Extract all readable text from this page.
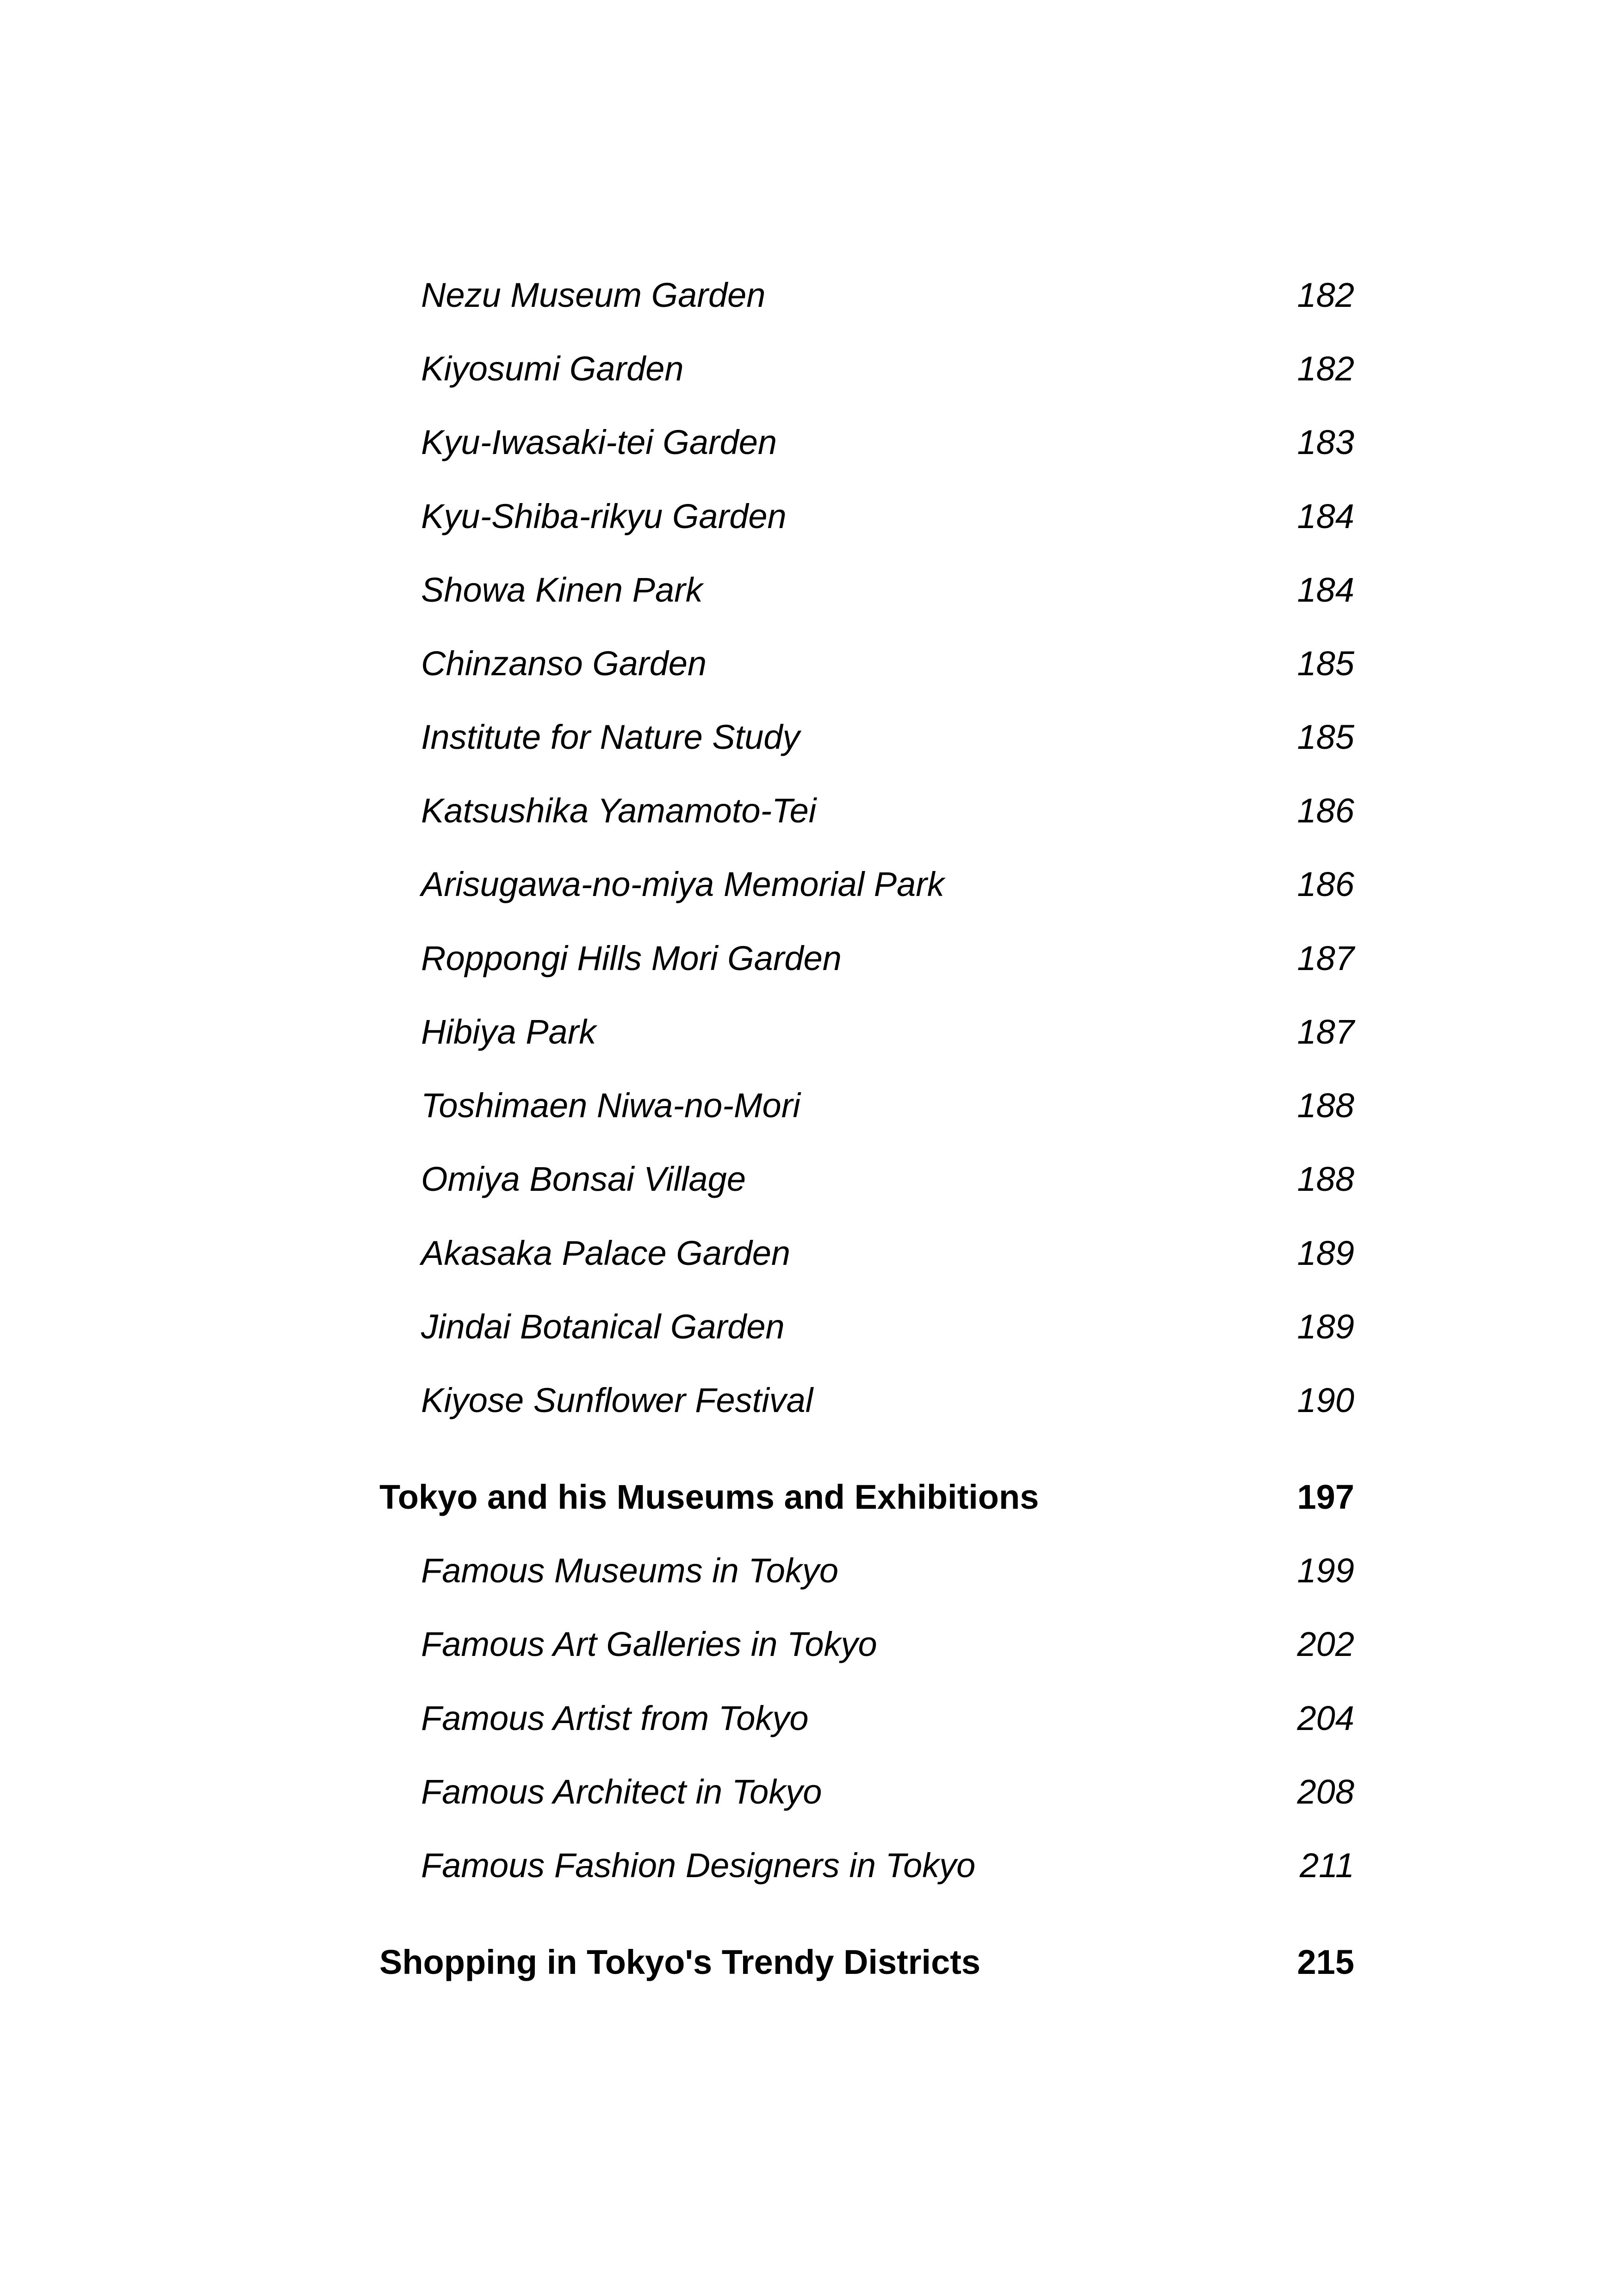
Nezu Museum Garden	182
Kiyosumi Garden	182
Kyu-Iwasaki-tei Garden	183
Kyu-Shiba-rikyu Garden	184
Showa Kinen Park	184
Chinzanso Garden	185
Institute for Nature Study	185
Katsushika Yamamoto-Tei	186
Arisugawa-no-miya Memorial Park	186
Roppongi Hills Mori Garden	187
Hibiya Park	187
Toshimaen Niwa-no-Mori	188
Omiya Bonsai Village	188
Akasaka Palace Garden	189
Jindai Botanical Garden	189
Kiyose Sunflower Festival	190
Tokyo and his Museums and Exhibitions	197
Famous Museums in Tokyo	199
Famous Art Galleries in Tokyo	202
Famous Artist from Tokyo	204
Famous Architect in Tokyo	208
Famous Fashion Designers in Tokyo	211
Shopping in Tokyo's Trendy Districts	215
